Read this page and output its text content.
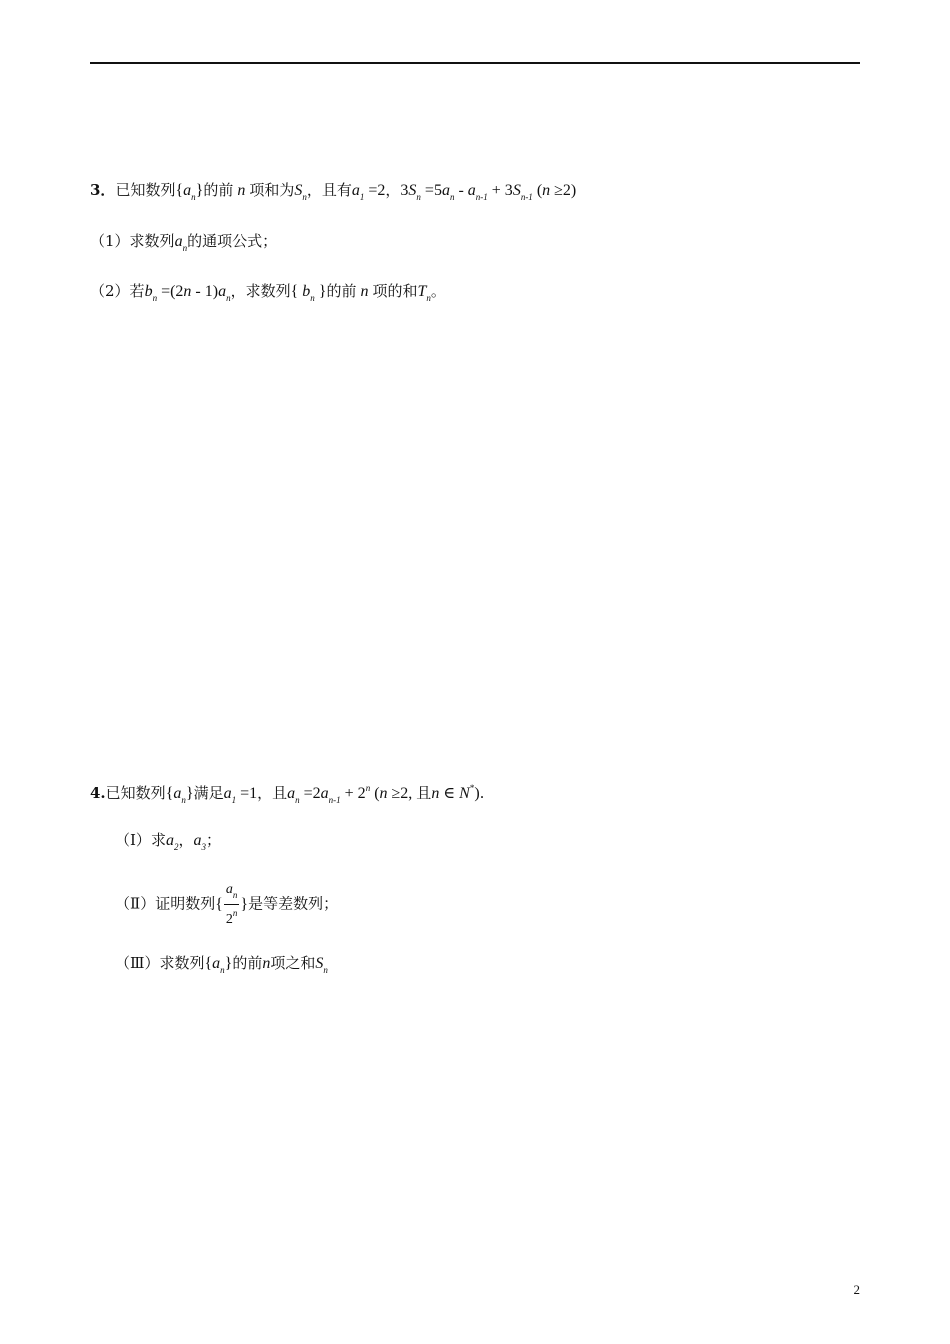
3．已知数列$\{a_n\}$的前 n 项和为$S_n$，且有$a_1 =2$，$3S_n =5a_n - a_{n-1} + 3S_{n-1}$ (n ≥2)
（1）求数列$a_n$的通项公式；
（2）若$b_n =(2n - 1)a_n$，求数列{ $b_n$ }的前 n 项的和$T_n$。
4.已知数列$\{a_n\}$满足$a_1 =1$，且$a_n =2a_{n-1} + 2^n$ (n ≥2, 且n ∈ N*).
（Ⅰ）求$a_2$，$a_3$；
（Ⅱ）证明数列{ $\frac{a_n}{2^n}$ }是等差数列；
（Ⅲ）求数列$\{a_n\}$的前n项之和$S_n$
2
